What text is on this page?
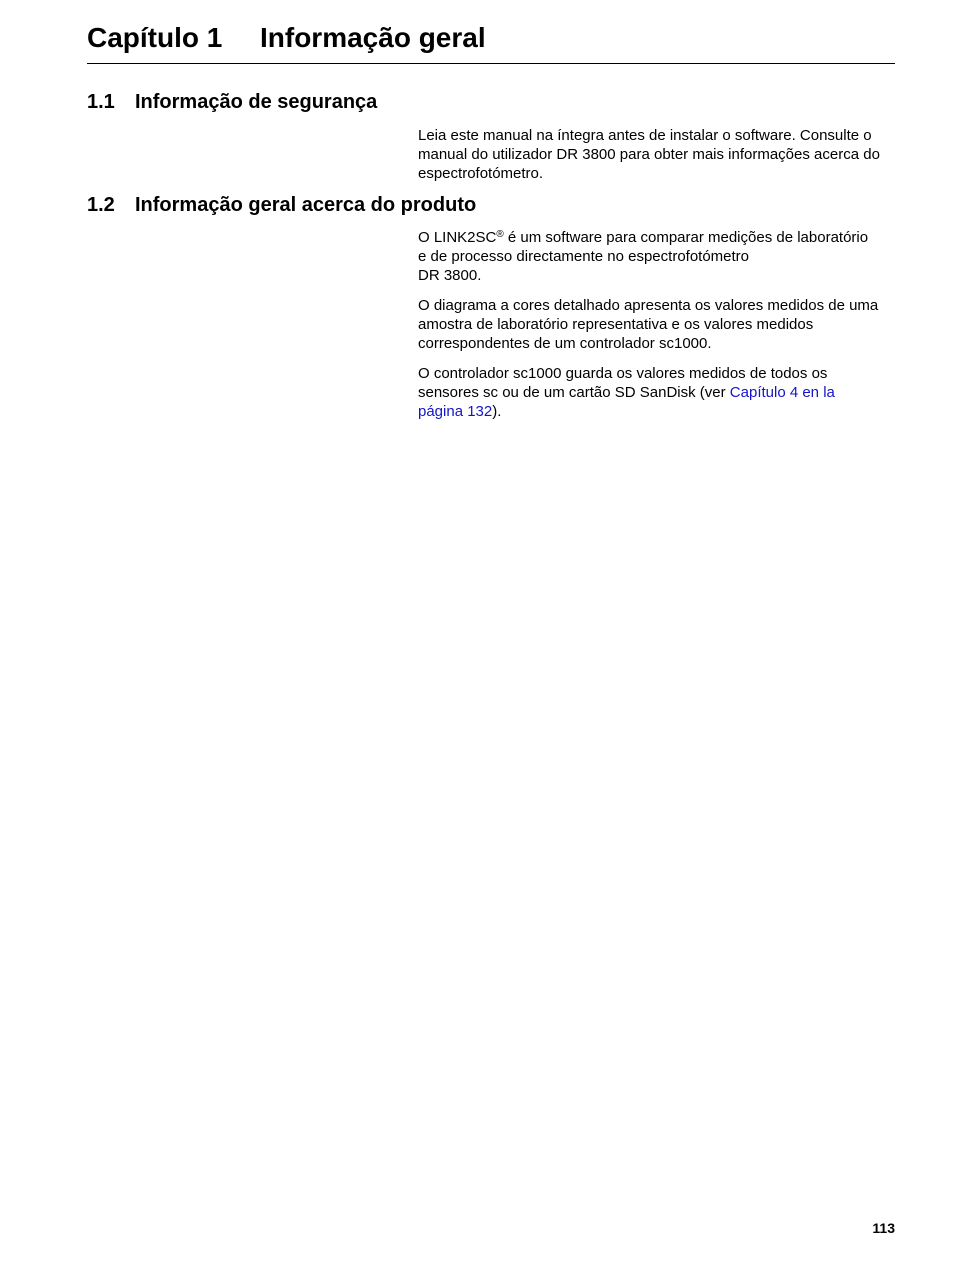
Capítulo 1 Informação geral
1.1 Informação de segurança

Leia este manual na íntegra antes de instalar o software. Consulte o manual do utilizador DR 3800 para obter mais informações acerca do espectrofotómetro.

1.2 Informação geral acerca do produto

O LINK2SC® é um software para comparar medições de laboratório e de processo directamente no espectrofotómetro
DR 3800.

O diagrama a cores detalhado apresenta os valores medidos de uma amostra de laboratório representativa e os valores medidos correspondentes de um controlador sc1000.

O controlador sc1000 guarda os valores medidos de todos os sensores sc ou de um cartão SD SanDisk (ver Capítulo 4 en la página 132).

113
